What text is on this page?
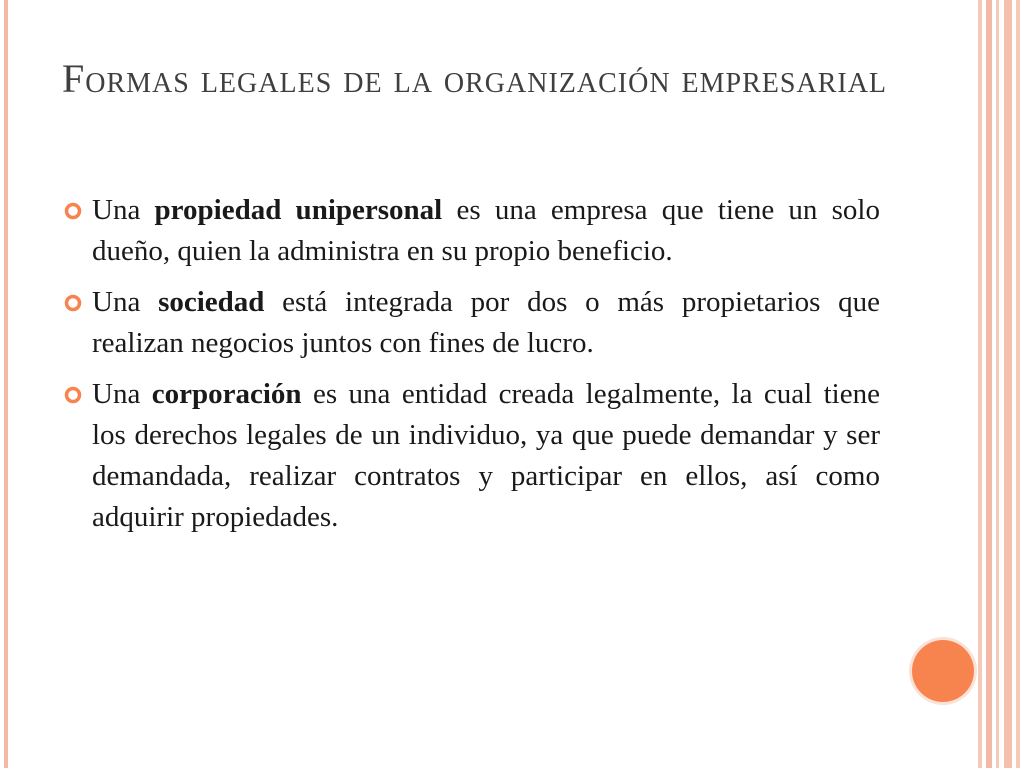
Formas legales de la organización empresarial
Una propiedad unipersonal es una empresa que tiene un solo dueño, quien la administra en su propio beneficio.
Una sociedad está integrada por dos o más propietarios que realizan negocios juntos con fines de lucro.
Una corporación es una entidad creada legalmente, la cual tiene los derechos legales de un individuo, ya que puede demandar y ser demandada, realizar contratos y participar en ellos, así como adquirir propiedades.
